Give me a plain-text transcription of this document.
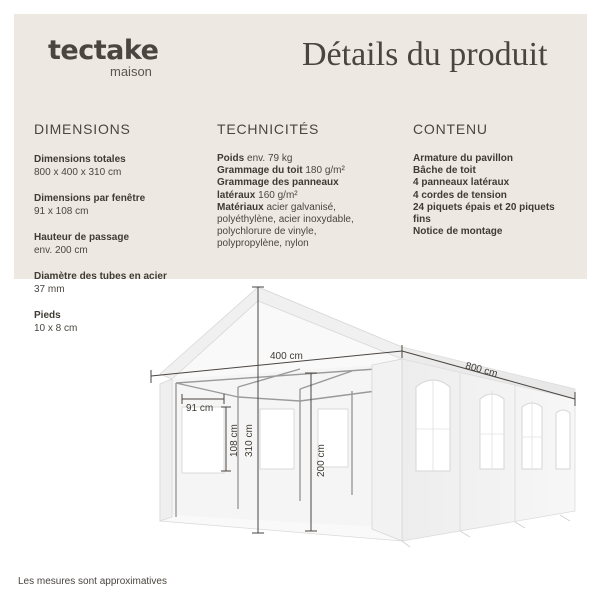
tectake
maison	Détails du produit
DIMENSIONS
Dimensions totales
800 x 400 x 310 cm
Dimensions par fenêtre
91 x 108 cm
Hauteur de passage
env. 200 cm
Diamètre des tubes en acier
37 mm
Pieds
10 x 8 cm
TECHNICITÉS
Poids env. 79 kg
Grammage du toit 180 g/m²
Grammage des panneaux
latéraux 160 g/m²
Matériaux acier galvanisé,
polyéthylène, acier inoxydable,
polychlorure de vinyle,
polypropylène, nylon
CONTENU
Armature du pavillon
Bâche de toit
4 panneaux latéraux
4 cordes de tension
24 piquets épais et 20 piquets
fins
Notice de montage
400 cm
800 cm
91 cm
108 cm 310 cm
200 cm
Les mesures sont approximatives
